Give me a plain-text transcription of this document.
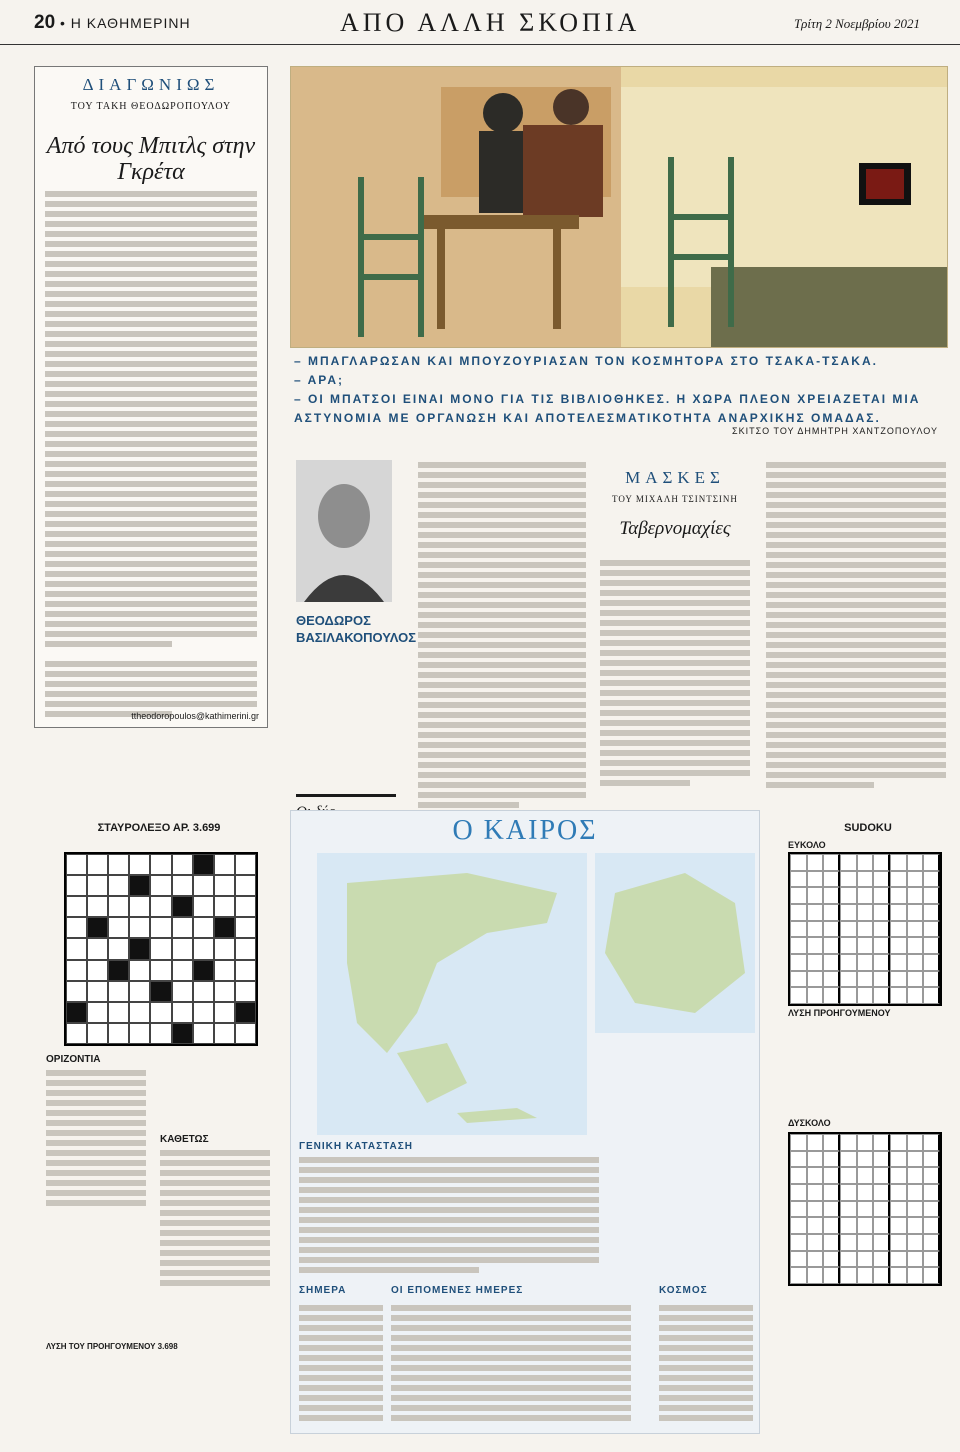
20 • Η ΚΑΘΗΜΕΡΙΝΗ	ΑΠΟ ΑΛΛΗ ΣΚΟΠΙΑ	Τρίτη 2 Νοεμβρίου 2021
ΔΙΑΓΩΝΙΩΣ
ΤΟΥ ΤΑΚΗ ΘΕΟΔΩΡΟΠΟΥΛΟΥ
Από τους Μπιτλς στην Γκρέτα
ttheodoropoulos@kathimerini.gr
– ΜΠΑΓΛΑΡΩΣΑΝ ΚΑΙ ΜΠΟΥΖΟΥΡΙΑΣΑΝ ΤΟΝ ΚΟΣΜΗΤΟΡΑ ΣΤΟ ΤΣΑΚΑ-ΤΣΑΚΑ.
– ΑΡΑ;
– ΟΙ ΜΠΑΤΣΟΙ ΕΙΝΑΙ ΜΟΝΟ ΓΙΑ ΤΙΣ ΒΙΒΛΙΟΘΗΚΕΣ. Η ΧΩΡΑ ΠΛΕΟΝ ΧΡΕΙΑΖΕΤΑΙ ΜΙΑ ΑΣΤΥΝΟΜΙΑ ΜΕ ΟΡΓΑΝΩΣΗ ΚΑΙ ΑΠΟΤΕΛΕΣΜΑΤΙΚΟΤΗΤΑ ΑΝΑΡΧΙΚΗΣ ΟΜΑΔΑΣ.
ΣΚΙΤΣΟ ΤΟΥ ΔΗΜΗΤΡΗ ΧΑΝΤΖΟΠΟΥΛΟΥ
ΘΕΟΔΩΡΟΣ
ΒΑΣΙΛΑΚΟΠΟΥΛΟΣ
ΜΑΣΚΕΣ
ΤΟΥ ΜΙΧΑΛΗ ΤΣΙΝΤΣΙΝΗ
Ταβερνομαχίες
ΣΤΑΥΡΟΛΕΞΟ ΑΡ. 3.699
ΟΡΙΖΟΝΤΙΑ
ΚΑΘΕΤΩΣ
ΛΥΣΗ ΤΟΥ ΠΡΟΗΓΟΥΜΕΝΟΥ 3.698
Ο ΚΑΙΡΟΣ
ΓΕΝΙΚΗ ΚΑΤΑΣΤΑΣΗ
ΣΗΜΕΡΑ	ΟΙ ΕΠΟΜΕΝΕΣ ΗΜΕΡΕΣ	ΚΟΣΜΟΣ
SUDOKU
ΕΥΚΟΛΟ
ΛΥΣΗ ΠΡΟΗΓΟΥΜΕΝΟΥ
ΔΥΣΚΟΛΟ
